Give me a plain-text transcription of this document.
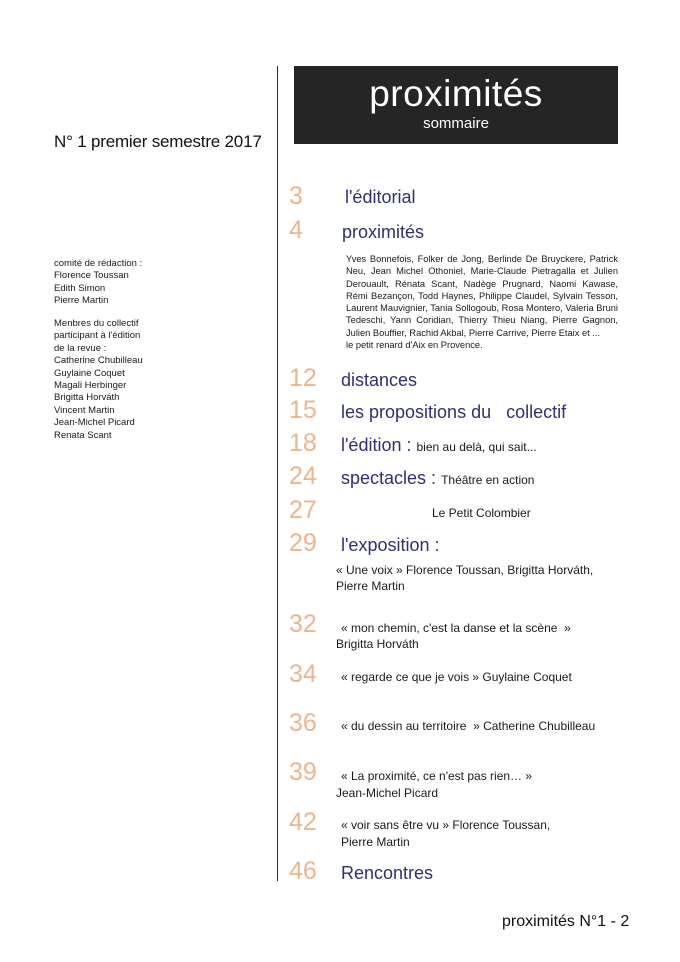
proximités
sommaire
N° 1 premier semestre 2017
comité de rédaction :
Florence Toussan
Edith Simon
Pierre Martin
Menbres du collectif
participant à l'édition
de la revue :
Catherine Chubilleau
Guylaine Coquet
Magali Herbinger
Brigitta Horváth
Vincent Martin
Jean-Michel Picard
Renata Scant
3 l'éditorial
4 proximités
Yves Bonnefois, Folker de Jong, Berlinde De Bruyckere, Patrick Neu, Jean Michel Othoniel, Marie-Claude Pietragalla et Julien Derouault, Rénata Scant, Nadège Prugnard, Naomi Kawase, Rémi Bezançon, Todd Haynes, Philippe Claudel, Sylvain Tesson, Laurent Mauvignier, Tania Sollogoub, Rosa Montero, Valeria Bruni Tedeschi, Yann Coridian, Thierry Thieu Niang, Pierre Gagnon, Julien Bouffier, Rachid Akbal, Pierre Carrive, Pierre Etaix et ...
le petit renard d'Aix en Provence.
12 distances
15 les propositions du   collectif
18 l'édition : bien au delà, qui sait...
24 spectacles : Théâtre en action
27	Le Petit Colombier
29 l'exposition :
« Une voix » Florence Toussan, Brigitta Horváth,
Pierre Martin
32 « mon chemin, c'est la danse et la scène  »
Brigitta Horváth
34 « regarde ce que je vois » Guylaine Coquet
36 « du dessin au territoire  » Catherine Chubilleau
39 « La proximité, ce n'est pas rien… »
Jean-Michel Picard
42 « voir sans être vu » Florence Toussan,
Pierre Martin
46 Rencontres
proximités N°1 - 2
